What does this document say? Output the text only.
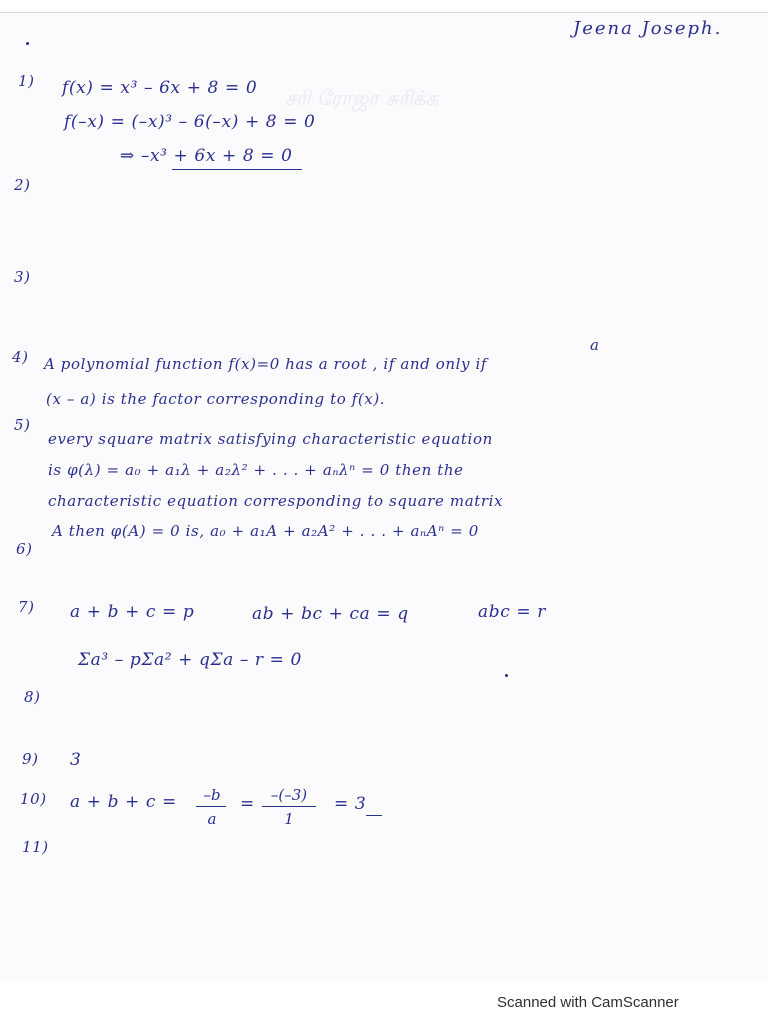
சரி ரோஜா சுரிக்க
Jeena Joseph.
1) f(x) = x³ – 6x + 8 = 0
f(–x) = (–x)³ – 6(–x) + 8 = 0
⇒ –x³ + 6x + 8 = 0
2)
3)
a
4) A polynomial function f(x)=0 has a root , if and only if
(x – a) is the factor corresponding to f(x).
5)
every square matrix satisfying characteristic equation
is φ(λ) = a₀ + a₁λ + a₂λ² + . . . + aₙλⁿ = 0 then the
characteristic equation corresponding to square matrix
A then φ(A) = 0 is, a₀ + a₁A + a₂A² + . . . + aₙAⁿ = 0
6)
7) a + b + c = p	ab + bc + ca = q	abc = r
Σa³ – pΣa² + qΣa – r = 0
8)
9) 3
10) a + b + c =	–b
a
=	–(–3)
1
= 3
11)
Scanned with CamScanner
